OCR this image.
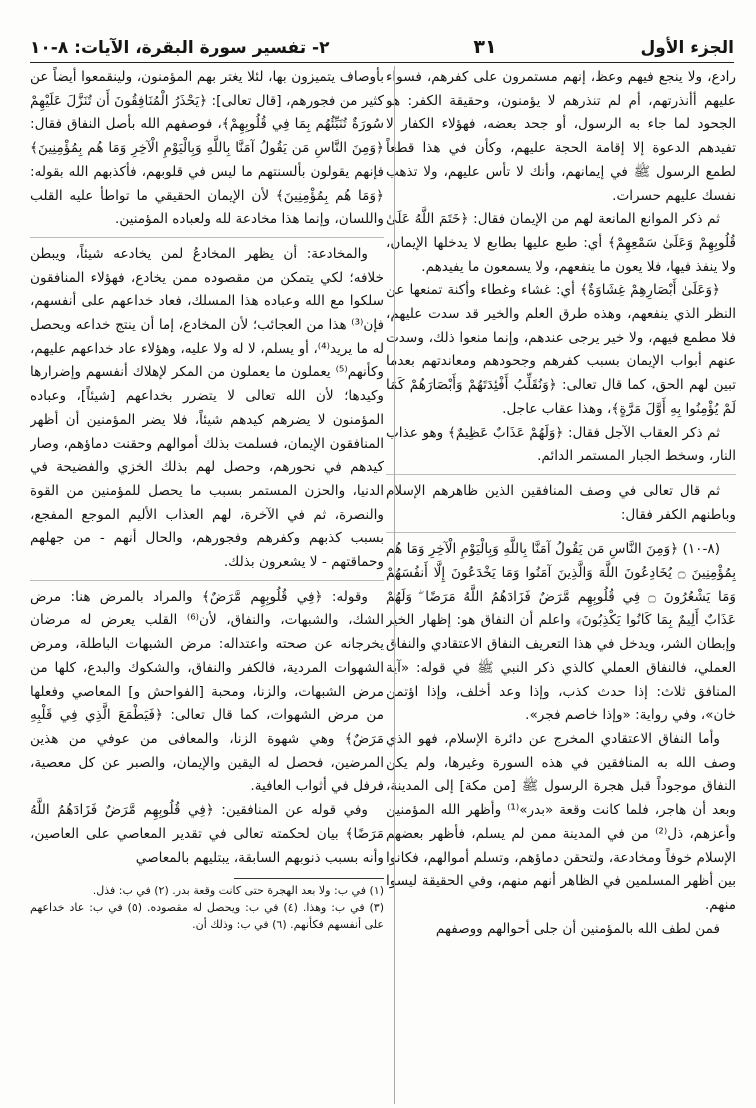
الجزء الأول
٣١
٢- تفسير سورة البقرة، الآيات: ٨-١٠

رادع، ولا ينجع فيهم وعظ، إنهم مستمرون على كفرهم، فسواء عليهم أأنذرتهم، أم لم تنذرهم لا يؤمنون، وحقيقة الكفر: هو الجحود لما جاء به الرسول، أو جحد بعضه، فهؤلاء الكفار لا تفيدهم الدعوة إلا إقامة الحجة عليهم، وكأن في هذا قطعاً لطمع الرسول ﷺ في إيمانهم، وأنك لا تأس عليهم، ولا تذهب نفسك عليهم حسرات.

ثم ذكر الموانع المانعة لهم من الإيمان فقال: ﴿خَتَمَ اللَّهُ عَلَىٰ قُلُوبِهِمْ وَعَلَىٰ سَمْعِهِمْ﴾ أي: طبع عليها بطابع لا يدخلها الإيمان، ولا ينفذ فيها، فلا يعون ما ينفعهم، ولا يسمعون ما يفيدهم.

﴿وَعَلَىٰ أَبْصَارِهِمْ غِشَاوَةٌ﴾ أي: غشاء وغطاء وأكنة تمنعها عن النظر الذي ينفعهم، وهذه طرق العلم والخير قد سدت عليهم، فلا مطمع فيهم، ولا خير يرجى عندهم، وإنما منعوا ذلك، وسدت عنهم أبواب الإيمان بسبب كفرهم وجحودهم ومعاندتهم بعدما تبين لهم الحق، كما قال تعالى: ﴿وَنُقَلِّبُ أَفْئِدَتَهُمْ وَأَبْصَارَهُمْ كَمَا لَمْ يُؤْمِنُوا بِهِ أَوَّلَ مَرَّةٍ﴾، وهذا عقاب عاجل.

ثم ذكر العقاب الآجل فقال: ﴿وَلَهُمْ عَذَابٌ عَظِيمٌ﴾ وهو عذاب النار، وسخط الجبار المستمر الدائم.

ثم قال تعالى في وصف المنافقين الذين ظاهرهم الإسلام وباطنهم الكفر فقال:

(٨-١٠) ﴿وَمِنَ النَّاسِ مَن يَقُولُ آمَنَّا بِاللَّهِ وَبِالْيَوْمِ الْآخِرِ وَمَا هُم بِمُؤْمِنِينَ ۝ يُخَادِعُونَ اللَّهَ وَالَّذِينَ آمَنُوا وَمَا يَخْدَعُونَ إِلَّا أَنفُسَهُمْ وَمَا يَشْعُرُونَ ۝ فِي قُلُوبِهِم مَّرَضٌ فَزَادَهُمُ اللَّهُ مَرَضًا ۖ وَلَهُمْ عَذَابٌ أَلِيمٌ بِمَا كَانُوا يَكْذِبُونَ﴾ واعلم أن النفاق هو: إظهار الخير وإبطان الشر، ويدخل في هذا التعريف النفاق الاعتقادي والنفاق العملي، فالنفاق العملي كالذي ذكر النبي ﷺ في قوله: «آية المنافق ثلاث: إذا حدث كذب، وإذا وعد أخلف، وإذا اؤتمن خان»، وفي رواية: «وإذا خاصم فجر».

وأما النفاق الاعتقادي المخرج عن دائرة الإسلام، فهو الذي وصف الله به المنافقين في هذه السورة وغيرها، ولم يكن النفاق موجوداً قبل هجرة الرسول ﷺ [من مكة] إلى المدينة، وبعد أن هاجر، فلما كانت وقعة «بدر»⁽¹⁾ وأظهر الله المؤمنين وأعزهم، ذل⁽²⁾ من في المدينة ممن لم يسلم، فأظهر بعضهم الإسلام خوفاً ومخادعة، ولتحقن دماؤهم، وتسلم أموالهم، فكانوا بين أظهر المسلمين في الظاهر أنهم منهم، وفي الحقيقة ليسوا منهم.

فمن لطف الله بالمؤمنين أن جلى أحوالهم ووصفهم

بأوصاف يتميزون بها، لئلا يغتر بهم المؤمنون، ولينقمعوا أيضاً عن كثير من فجورهم، [قال تعالى]: ﴿يَحْذَرُ الْمُنَافِقُونَ أَن تُنَزَّلَ عَلَيْهِمْ سُورَةٌ تُنَبِّئُهُم بِمَا فِي قُلُوبِهِمْ﴾، فوصفهم الله بأصل النفاق فقال: ﴿وَمِنَ النَّاسِ مَن يَقُولُ آمَنَّا بِاللَّهِ وَبِالْيَوْمِ الْآخِرِ وَمَا هُم بِمُؤْمِنِينَ﴾ فإنهم يقولون بألسنتهم ما ليس في قلوبهم، فأكذبهم الله بقوله: ﴿وَمَا هُم بِمُؤْمِنِينَ﴾ لأن الإيمان الحقيقي ما تواطأ عليه القلب واللسان، وإنما هذا مخادعة لله ولعباده المؤمنين.

والمخادعة: أن يظهر المخادعُ لمن يخادعه شيئاً، ويبطن خلافه؛ لكي يتمكن من مقصوده ممن يخادع، فهؤلاء المنافقون سلكوا مع الله وعباده هذا المسلك، فعاد خداعهم على أنفسهم، فإن⁽³⁾ هذا من العجائب؛ لأن المخادع، إما أن ينتج خداعه ويحصل له ما يريد⁽⁴⁾، أو يسلم، لا له ولا عليه، وهؤلاء عاد خداعهم عليهم، وكأنهم⁽⁵⁾ يعملون ما يعملون من المكر لإهلاك أنفسهم وإضرارها وكيدها؛ لأن الله تعالى لا يتضرر بخداعهم [شيئاً]، وعباده المؤمنون لا يضرهم كيدهم شيئاً، فلا يضر المؤمنين أن أظهر المنافقون الإيمان، فسلمت بذلك أموالهم وحقنت دماؤهم، وصار كيدهم في نحورهم، وحصل لهم بذلك الخزي والفضيحة في الدنيا، والحزن المستمر بسبب ما يحصل للمؤمنين من القوة والنصرة، ثم في الآخرة، لهم العذاب الأليم الموجع المفجع، بسبب كذبهم وكفرهم وفجورهم، والحال أنهم - من جهلهم وحماقتهم - لا يشعرون بذلك.

وقوله: ﴿فِي قُلُوبِهِم مَّرَضٌ﴾ والمراد بالمرض هنا: مرض الشك، والشبهات، والنفاق، لأن⁽⁶⁾ القلب يعرض له مرضان يخرجانه عن صحته واعتداله: مرض الشبهات الباطلة، ومرض الشهوات المردية، فالكفر والنفاق، والشكوك والبدع، كلها من مرض الشبهات، والزنا، ومحبة [الفواحش و] المعاصي وفعلها من مرض الشهوات، كما قال تعالى: ﴿فَيَطْمَعَ الَّذِي فِي قَلْبِهِ مَرَضٌ﴾ وهي شهوة الزنا، والمعافى من عوفي من هذين المرضين، فحصل له اليقين والإيمان، والصبر عن كل معصية، فرفل في أثواب العافية.

وفي قوله عن المنافقين: ﴿فِي قُلُوبِهِم مَّرَضٌ فَزَادَهُمُ اللَّهُ مَرَضًا﴾ بيان لحكمته تعالى في تقدير المعاصي على العاصين، وأنه بسبب ذنوبهم السابقة، يبتليهم بالمعاصي

(١) في ب: ولا بعد الهجرة حتى كانت وقعة بدر. (٢) في ب: فذل.

(٣) في ب: وهذا. (٤) في ب: ويحصل له مقصوده. (٥) في ب: عاد خداعهم على أنفسهم فكأنهم. (٦) في ب: وذلك أن.
